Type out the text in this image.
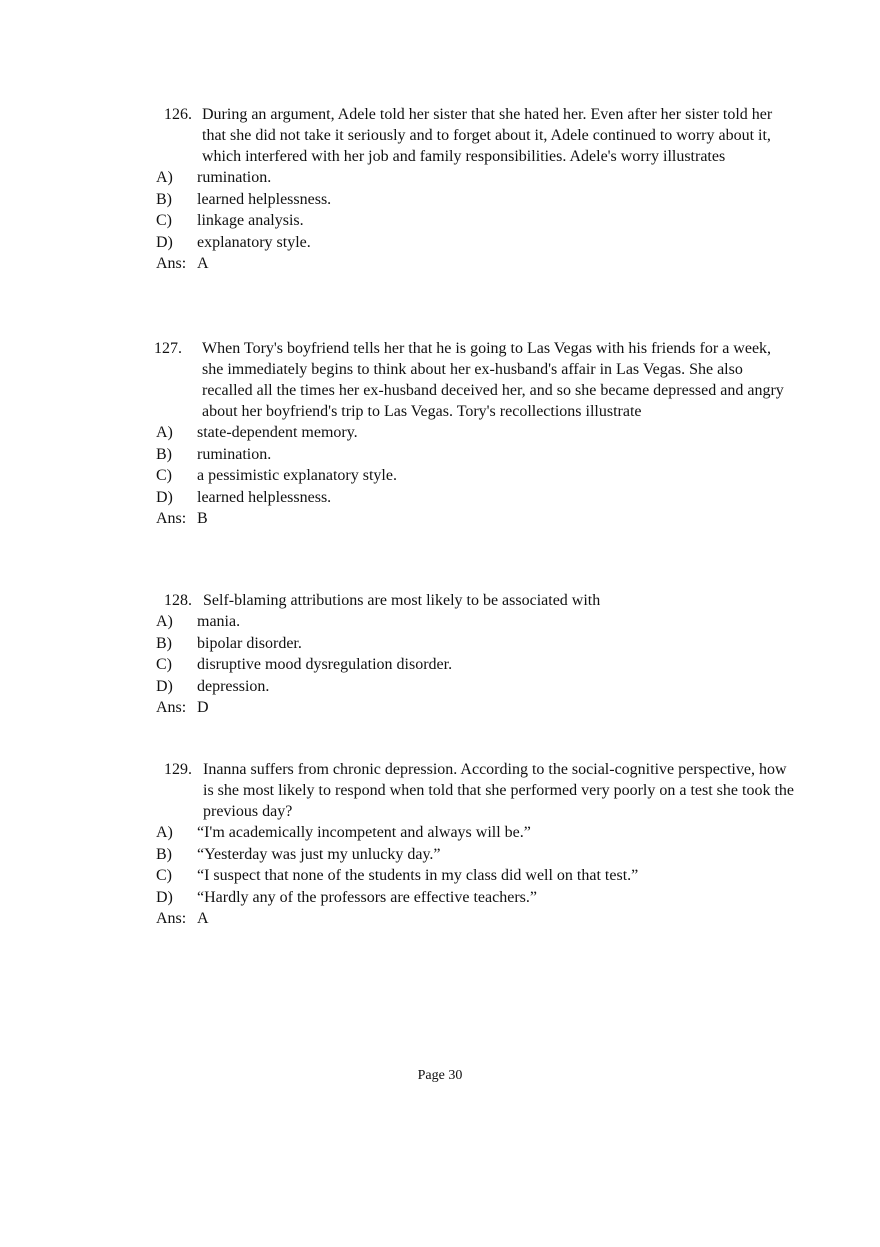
126. During an argument, Adele told her sister that she hated her. Even after her sister told her that she did not take it seriously and to forget about it, Adele continued to worry about it, which interfered with her job and family responsibilities. Adele's worry illustrates
A) rumination.
B) learned helplessness.
C) linkage analysis.
D) explanatory style.
Ans: A
127. When Tory's boyfriend tells her that he is going to Las Vegas with his friends for a week, she immediately begins to think about her ex-husband's affair in Las Vegas. She also recalled all the times her ex-husband deceived her, and so she became depressed and angry about her boyfriend's trip to Las Vegas. Tory's recollections illustrate
A) state-dependent memory.
B) rumination.
C) a pessimistic explanatory style.
D) learned helplessness.
Ans: B
128. Self-blaming attributions are most likely to be associated with
A) mania.
B) bipolar disorder.
C) disruptive mood dysregulation disorder.
D) depression.
Ans: D
129. Inanna suffers from chronic depression. According to the social-cognitive perspective, how is she most likely to respond when told that she performed very poorly on a test she took the previous day?
A) “I'm academically incompetent and always will be.”
B) “Yesterday was just my unlucky day.”
C) “I suspect that none of the students in my class did well on that test.”
D) “Hardly any of the professors are effective teachers.”
Ans: A
Page 30
